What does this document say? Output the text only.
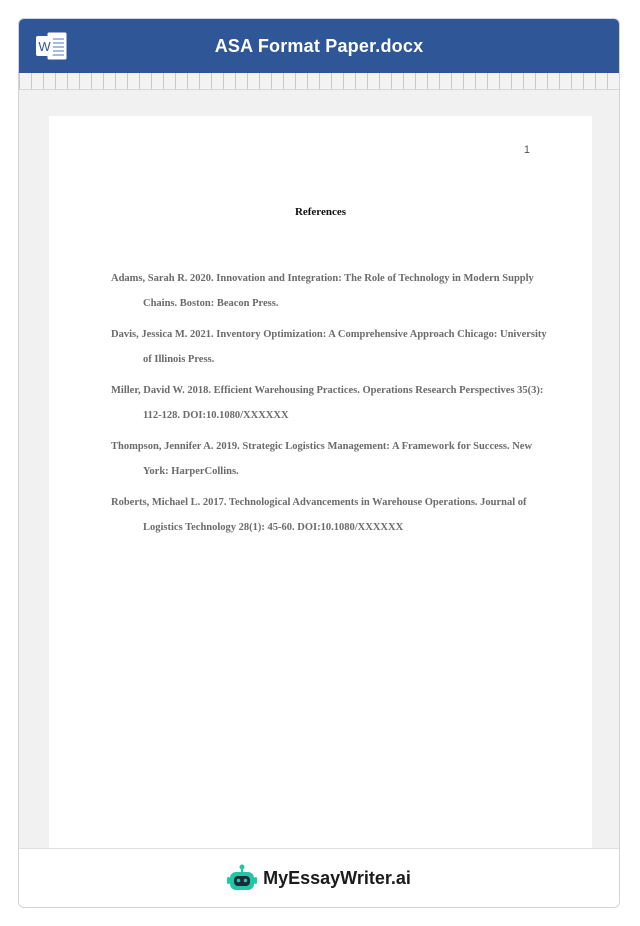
W	ASA Format Paper.docx
1
References
Adams, Sarah R. 2020. Innovation and Integration: The Role of Technology in Modern Supply Chains. Boston: Beacon Press.
Davis, Jessica M. 2021. Inventory Optimization: A Comprehensive Approach Chicago: University of Illinois Press.
Miller, David W. 2018. Efficient Warehousing Practices. Operations Research Perspectives 35(3): 112-128. DOI:10.1080/XXXXXX
Thompson, Jennifer A. 2019. Strategic Logistics Management: A Framework for Success. New York: HarperCollins.
Roberts, Michael L. 2017. Technological Advancements in Warehouse Operations. Journal of Logistics Technology 28(1): 45-60. DOI:10.1080/XXXXXX
MyEssayWriter.ai
